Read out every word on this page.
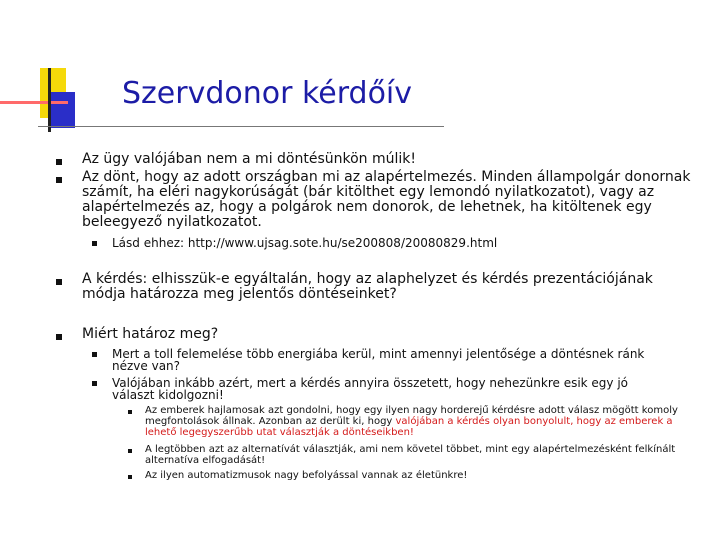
Szervdonor kérdőív

Az ügy valójában nem a mi döntésünkön múlik!

Az dönt, hogy az adott országban mi az alapértelmezés. Minden állampolgár donornak számít, ha eléri nagykorúságát (bár kitölthet egy lemondó nyilatkozatot), vagy az alapértelmezés az, hogy a polgárok nem donorok, de lehetnek, ha kitöltenek egy beleegyező nyilatkozatot.

Lásd ehhez: http://www.ujsag.sote.hu/se200808/20080829.html

A kérdés: elhisszük-e egyáltalán, hogy az alaphelyzet és kérdés prezentációjának módja határozza meg jelentős döntéseinket?

Miért határoz meg?

Mert a toll felemelése több energiába kerül, mint amennyi jelentősége a döntésnek ránk nézve van?

Valójában inkább azért, mert a kérdés annyira összetett, hogy nehezünkre esik egy jó választ kidolgozni!

Az emberek hajlamosak azt gondolni, hogy egy ilyen nagy horderejű kérdésre adott válasz mögött komoly megfontolások állnak. Azonban az derült ki, hogy valójában a kérdés olyan bonyolult, hogy az emberek a lehető legegyszerűbb utat választják a döntéseikben!

A legtöbben azt az alternatívát választják, ami nem követel többet, mint egy alapértelmezésként felkínált alternatíva elfogadását!

Az ilyen automatizmusok nagy befolyással vannak az életünkre!
